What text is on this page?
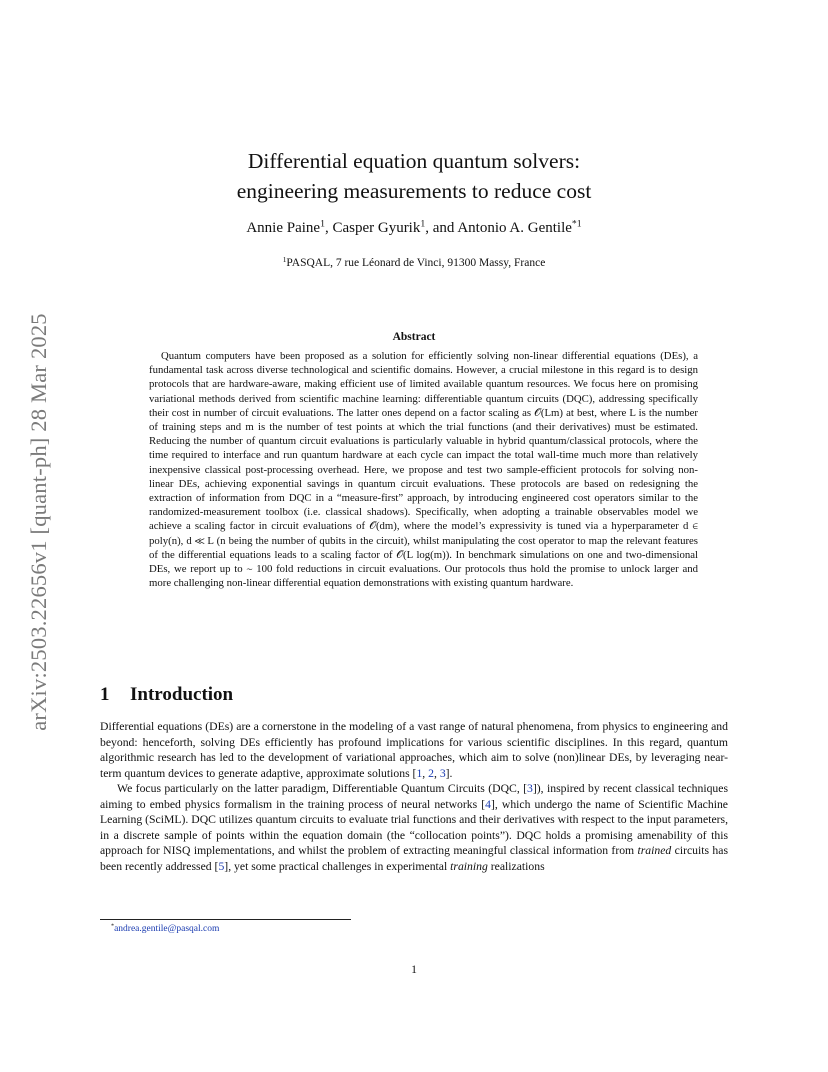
arXiv:2503.22656v1 [quant-ph] 28 Mar 2025
Differential equation quantum solvers:
engineering measurements to reduce cost
Annie Paine$^1$, Casper Gyurik$^1$, and Antonio A. Gentile$^{*1}$
$^1$PASQAL, 7 rue Léonard de Vinci, 91300 Massy, France
Abstract

Quantum computers have been proposed as a solution for efficiently solving non-linear differential equations (DEs), a fundamental task across diverse technological and scientific domains. However, a crucial milestone in this regard is to design protocols that are hardware-aware, making efficient use of limited available quantum resources. We focus here on promising variational methods derived from scientific machine learning: differentiable quantum circuits (DQC), addressing specifically their cost in number of circuit evaluations. The latter ones depend on a factor scaling as 𝒪(Lm) at best, where L is the number of training steps and m is the number of test points at which the trial functions (and their derivatives) must be estimated. Reducing the number of quantum circuit evaluations is particularly valuable in hybrid quantum/classical protocols, where the time required to interface and run quantum hardware at each cycle can impact the total wall-time much more than relatively inexpensive classical post-processing overhead. Here, we propose and test two sample-efficient protocols for solving non-linear DEs, achieving exponential savings in quantum circuit evaluations. These protocols are based on redesigning the extraction of information from DQC in a “measure-first” approach, by introducing engineered cost operators similar to the randomized-measurement toolbox (i.e. classical shadows). Specifically, when adopting a trainable observables model we achieve a scaling factor in circuit evaluations of 𝒪(dm), where the model’s expressivity is tuned via a hyperparameter d ∈ poly(n), d ≪ L (n being the number of qubits in the circuit), whilst manipulating the cost operator to map the relevant features of the differential equations leads to a scaling factor of 𝒪(L log(m)). In benchmark simulations on one and two-dimensional DEs, we report up to ∼ 100 fold reductions in circuit evaluations. Our protocols thus hold the promise to unlock larger and more challenging non-linear differential equation demonstrations with existing quantum hardware.

1 Introduction

Differential equations (DEs) are a cornerstone in the modeling of a vast range of natural phenomena, from physics to engineering and beyond: henceforth, solving DEs efficiently has profound implications for various scientific disciplines. In this regard, quantum algorithmic research has led to the development of variational approaches, which aim to solve (non)linear DEs, by leveraging near-term quantum devices to generate adaptive, approximate solutions [1, 2, 3].

We focus particularly on the latter paradigm, Differentiable Quantum Circuits (DQC, [3]), inspired by recent classical techniques aiming to embed physics formalism in the training process of neural networks [4], which undergo the name of Scientific Machine Learning (SciML). DQC utilizes quantum circuits to evaluate trial functions and their derivatives with respect to the input parameters, in a discrete sample of points within the equation domain (the “collocation points”). DQC holds a promising amenability of this approach for NISQ implementations, and whilst the problem of extracting meaningful classical information from trained circuits has been recently addressed [5], yet some practical challenges in experimental training realizations

*andrea.gentile@pasqal.com
1
